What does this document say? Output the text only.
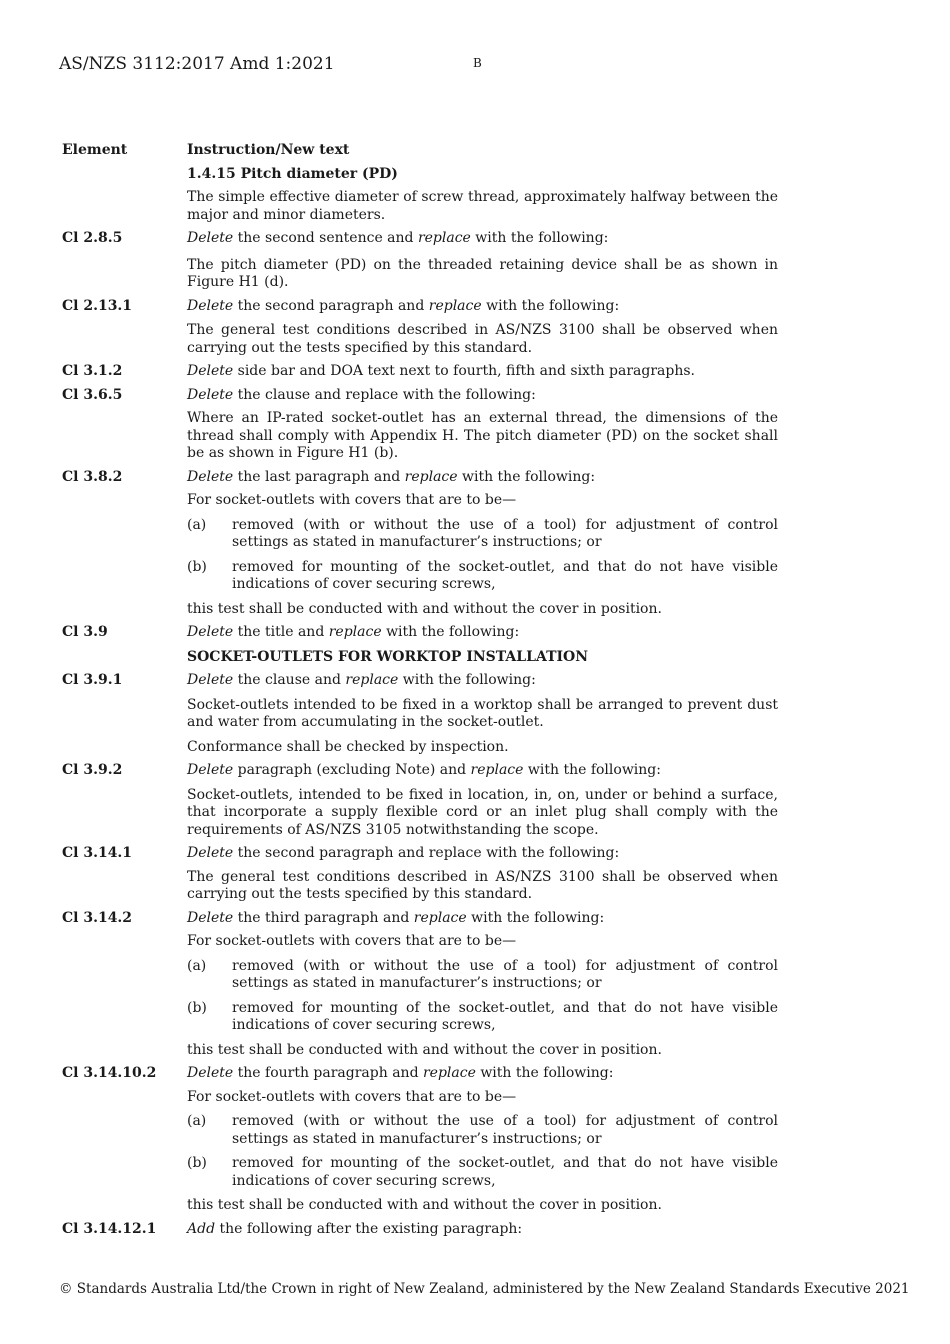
AS/NZS 3112:2017 Amd 1:2021	B
Element	Instruction/New text
1.4.15 Pitch diameter (PD)
The simple effective diameter of screw thread, approximately halfway between the major and minor diameters.
Cl 2.8.5	Delete the second sentence and replace with the following:
The pitch diameter (PD) on the threaded retaining device shall be as shown in Figure H1 (d).
Cl 2.13.1	Delete the second paragraph and replace with the following:
The general test conditions described in AS/NZS 3100 shall be observed when carrying out the tests specified by this standard.
Cl 3.1.2	Delete side bar and DOA text next to fourth, fifth and sixth paragraphs.
Cl 3.6.5	Delete the clause and replace with the following:
Where an IP-rated socket-outlet has an external thread, the dimensions of the thread shall comply with Appendix H. The pitch diameter (PD) on the socket shall be as shown in Figure H1 (b).
Cl 3.8.2	Delete the last paragraph and replace with the following:
For socket-outlets with covers that are to be—
(a)	removed (with or without the use of a tool) for adjustment of control settings as stated in manufacturer’s instructions; or
(b)	removed for mounting of the socket-outlet, and that do not have visible indications of cover securing screws,
this test shall be conducted with and without the cover in position.
Cl 3.9	Delete the title and replace with the following:
SOCKET-OUTLETS FOR WORKTOP INSTALLATION
Cl 3.9.1	Delete the clause and replace with the following:
Socket-outlets intended to be fixed in a worktop shall be arranged to prevent dust and water from accumulating in the socket-outlet.
Conformance shall be checked by inspection.
Cl 3.9.2	Delete paragraph (excluding Note) and replace with the following:
Socket-outlets, intended to be fixed in location, in, on, under or behind a surface, that incorporate a supply flexible cord or an inlet plug shall comply with the requirements of AS/NZS 3105 notwithstanding the scope.
Cl 3.14.1	Delete the second paragraph and replace with the following:
The general test conditions described in AS/NZS 3100 shall be observed when carrying out the tests specified by this standard.
Cl 3.14.2	Delete the third paragraph and replace with the following:
For socket-outlets with covers that are to be—
(a)	removed (with or without the use of a tool) for adjustment of control settings as stated in manufacturer’s instructions; or
(b)	removed for mounting of the socket-outlet, and that do not have visible indications of cover securing screws,
this test shall be conducted with and without the cover in position.
Cl 3.14.10.2	Delete the fourth paragraph and replace with the following:
For socket-outlets with covers that are to be—
(a)	removed (with or without the use of a tool) for adjustment of control settings as stated in manufacturer’s instructions; or
(b)	removed for mounting of the socket-outlet, and that do not have visible indications of cover securing screws,
this test shall be conducted with and without the cover in position.
Cl 3.14.12.1	Add the following after the existing paragraph:
© Standards Australia Ltd/the Crown in right of New Zealand, administered by the New Zealand Standards Executive 2021
